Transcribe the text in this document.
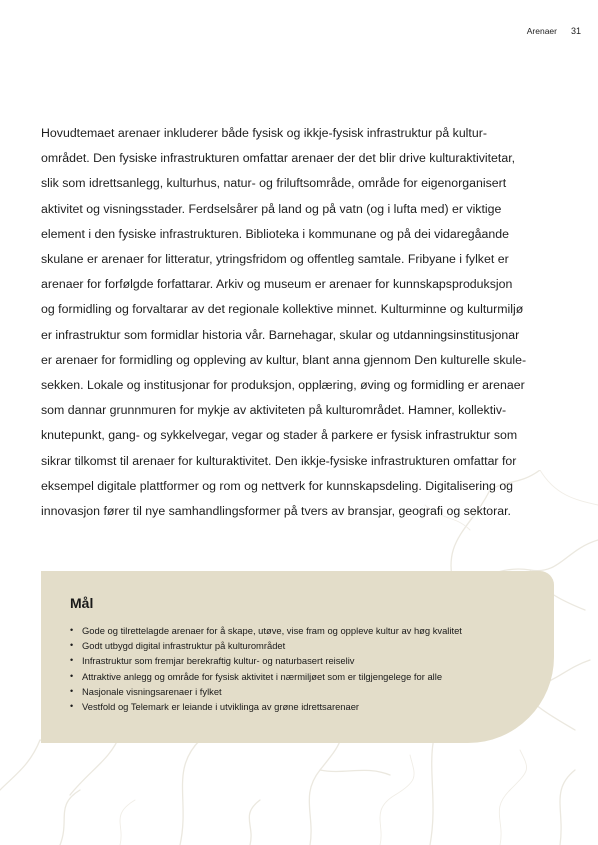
Arenaer 31

Hovudtemaet arenaer inkluderer både fysisk og ikkje-fysisk infrastruktur på kultur-
området. Den fysiske infrastrukturen omfattar arenaer der det blir drive kulturaktivitetar,
slik som idrettsanlegg, kulturhus, natur- og friluftsområde, område for eigenorganisert
aktivitet og visningsstader. Ferdselsårer på land og på vatn (og i lufta med) er viktige
element i den fysiske infrastrukturen. Biblioteka i kommunane og på dei vidaregåande
skulane er arenaer for litteratur, ytringsfridom og offentleg samtale. Fribyane i fylket er
arenaer for forfølgde forfattarar. Arkiv og museum er arenaer for kunnskapsproduksjon
og formidling og forvaltarar av det regionale kollektive minnet. Kulturminne og kulturmiljø
er infrastruktur som formidlar historia vår. Barnehagar, skular og utdanningsinstitusjonar
er arenaer for formidling og oppleving av kultur, blant anna gjennom Den kulturelle skule-
sekken. Lokale og institusjonar for produksjon, opplæring, øving og formidling er arenaer
som dannar grunnmuren for mykje av aktiviteten på kulturområdet. Hamner, kollektiv-
knutepunkt, gang- og sykkelvegar, vegar og stader å parkere er fysisk infrastruktur som
sikrar tilkomst til arenaer for kulturaktivitet. Den ikkje-fysiske infrastrukturen omfattar for
eksempel digitale plattformer og rom og nettverk for kunnskapsdeling. Digitalisering og
innovasjon fører til nye samhandlingsformer på tvers av bransjar, geografi og sektorar.

Mål
• Gode og tilrettelagde arenaer for å skape, utøve, vise fram og oppleve kultur av høg kvalitet
• Godt utbygd digital infrastruktur på kulturområdet
• Infrastruktur som fremjar berekraftig kultur- og naturbasert reiseliv
• Attraktive anlegg og område for fysisk aktivitet i nærmiljøet som er tilgjengelege for alle
• Nasjonale visningsarenaer i fylket
• Vestfold og Telemark er leiande i utviklinga av grøne idrettsarenaer
